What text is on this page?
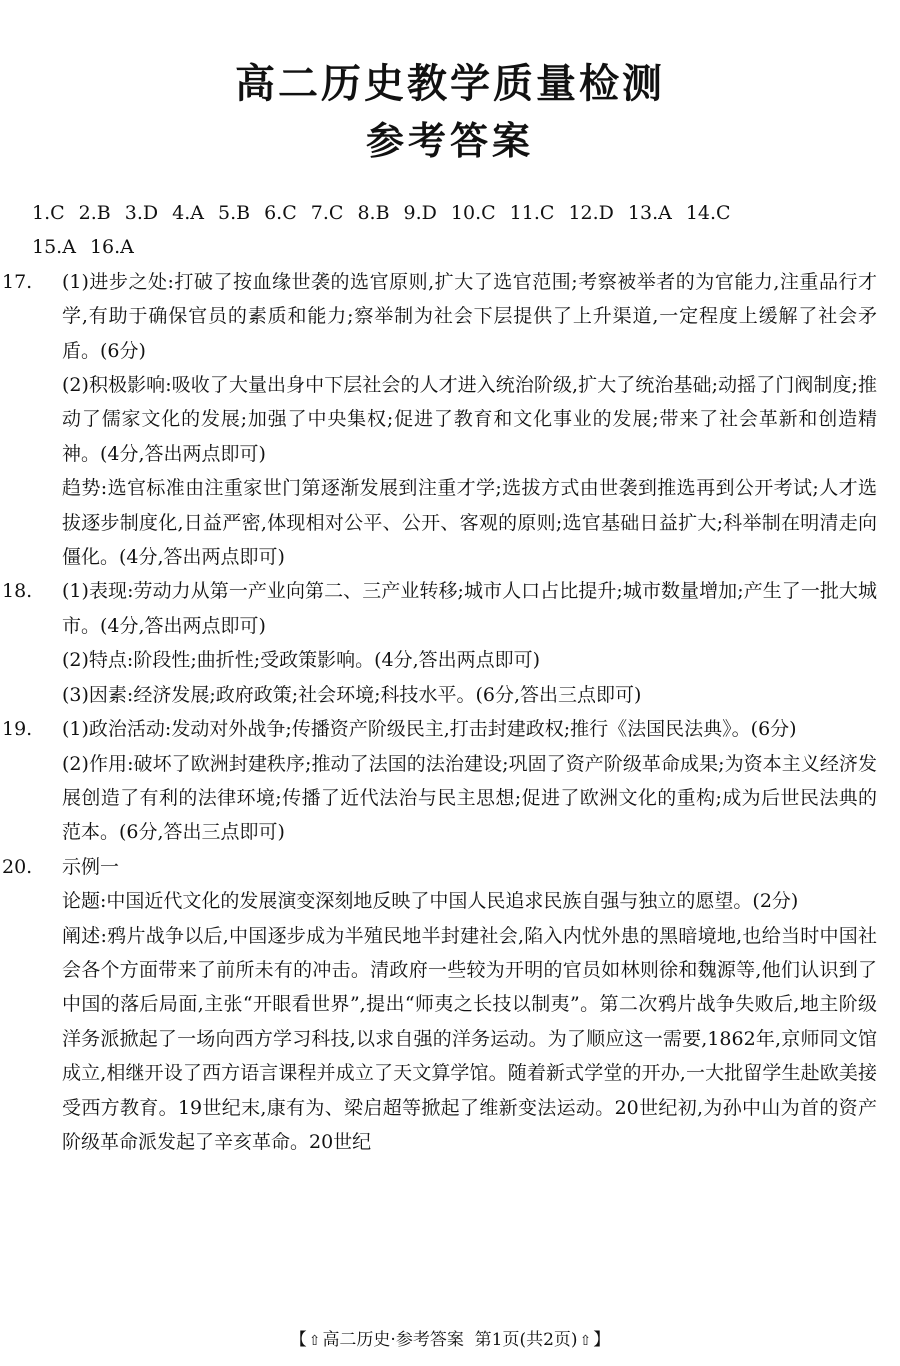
高二历史教学质量检测
参考答案
1.C 2.B 3.D 4.A 5.B 6.C 7.C 8.B 9.D 10.C 11.C 12.D 13.A 14.C
15.A 16.A

17. (1)进步之处:打破了按血缘世袭的选官原则,扩大了选官范围;考察被举者的为官能力,注重品行才学,有助于确保官员的素质和能力;察举制为社会下层提供了上升渠道,一定程度上缓解了社会矛盾。(6分)

(2)积极影响:吸收了大量出身中下层社会的人才进入统治阶级,扩大了统治基础;动摇了门阀制度;推动了儒家文化的发展;加强了中央集权;促进了教育和文化事业的发展;带来了社会革新和创造精神。(4分,答出两点即可)

趋势:选官标准由注重家世门第逐渐发展到注重才学;选拔方式由世袭到推选再到公开考试;人才选拔逐步制度化,日益严密,体现相对公平、公开、客观的原则;选官基础日益扩大;科举制在明清走向僵化。(4分,答出两点即可)

18. (1)表现:劳动力从第一产业向第二、三产业转移;城市人口占比提升;城市数量增加;产生了一批大城市。(4分,答出两点即可)

(2)特点:阶段性;曲折性;受政策影响。(4分,答出两点即可)

(3)因素:经济发展;政府政策;社会环境;科技水平。(6分,答出三点即可)

19. (1)政治活动:发动对外战争;传播资产阶级民主,打击封建政权;推行《法国民法典》。(6分)

(2)作用:破坏了欧洲封建秩序;推动了法国的法治建设;巩固了资产阶级革命成果;为资本主义经济发展创造了有利的法律环境;传播了近代法治与民主思想;促进了欧洲文化的重构;成为后世民法典的范本。(6分,答出三点即可)

20. 示例一

论题:中国近代文化的发展演变深刻地反映了中国人民追求民族自强与独立的愿望。(2分)

阐述:鸦片战争以后,中国逐步成为半殖民地半封建社会,陷入内忧外患的黑暗境地,也给当时中国社会各个方面带来了前所未有的冲击。清政府一些较为开明的官员如林则徐和魏源等,他们认识到了中国的落后局面,主张“开眼看世界”,提出“师夷之长技以制夷”。第二次鸦片战争失败后,地主阶级洋务派掀起了一场向西方学习科技,以求自强的洋务运动。为了顺应这一需要,1862年,京师同文馆成立,相继开设了西方语言课程并成立了天文算学馆。随着新式学堂的开办,一大批留学生赴欧美接受西方教育。19世纪末,康有为、梁启超等掀起了维新变法运动。20世纪初,为孙中山为首的资产阶级革命派发起了辛亥革命。20世纪

【 ⇧ 高二历史·参考答案 第1页(共2页) ⇧ 】
